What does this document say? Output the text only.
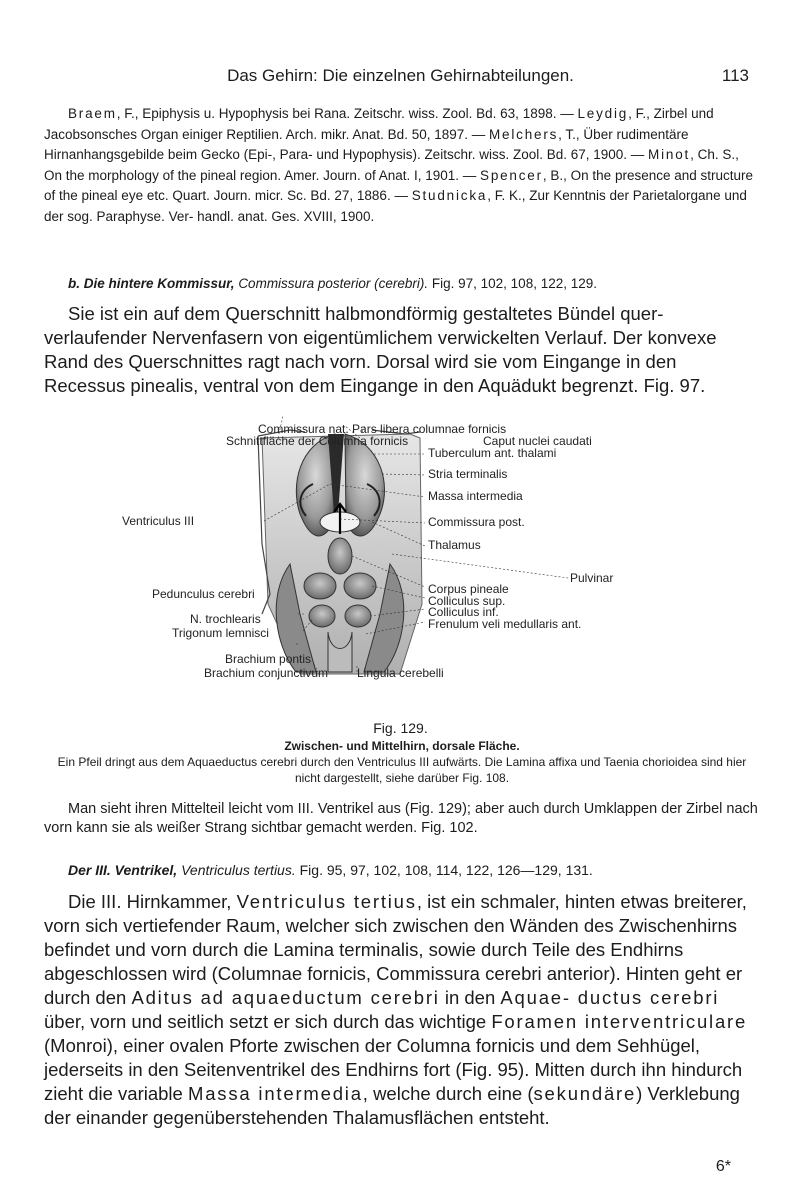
Das Gehirn: Die einzelnen Gehirnabteilungen.	113

Braem, F., Epiphysis u. Hypophysis bei Rana. Zeitschr. wiss. Zool. Bd. 63, 1898. — Leydig, F., Zirbel und Jacobsonsches Organ einiger Reptilien. Arch. mikr. Anat. Bd. 50, 1897. — Melchers, T., Über rudimentäre Hirnanhangsgebilde beim Gecko (Epi-, Para- und Hypophysis). Zeitschr. wiss. Zool. Bd. 67, 1900. — Minot, Ch. S., On the morphology of the pineal region. Amer. Journ. of Anat. I, 1901. — Spencer, B., On the presence and structure of the pineal eye etc. Quart. Journ. micr. Sc. Bd. 27, 1886. — Studnicka, F. K., Zur Kenntnis der Parietalorgane und der sog. Paraphyse. Ver- handl. anat. Ges. XVIII, 1900.

b. Die hintere Kommissur, Commissura posterior (cerebri). Fig. 97, 102, 108, 122, 129.

Sie ist ein auf dem Querschnitt halbmondförmig gestaltetes Bündel quer- verlaufender Nervenfasern von eigentümlichem verwickelten Verlauf. Der konvexe Rand des Querschnittes ragt nach vorn. Dorsal wird sie vom Eingange in den Recessus pinealis, ventral von dem Eingange in den Aquädukt begrenzt. Fig. 97.

Commissura nat. Pars libera columnae fornicis
Schnittfläche der Columna fornicis	Caput nuclei caudati
Tuberculum ant. thalami
Stria terminalis
Massa intermedia
Commissura post.
Thalamus
Pulvinar
Corpus pineale
Colliculus sup.
Colliculus inf.
Frenulum veli medullaris ant.
Ventriculus III
Pedunculus cerebri
N. trochlearis
Trigonum lemnisci
Brachium pontis
Brachium conjunctivum Lingula cerebelli
Fig. 129.
Zwischen- und Mittelhirn, dorsale Fläche.
Ein Pfeil dringt aus dem Aquaeductus cerebri durch den Ventriculus III aufwärts. Die Lamina affixa und Taenia chorioidea sind hier nicht dargestellt, siehe darüber Fig. 108.

Man sieht ihren Mittelteil leicht vom III. Ventrikel aus (Fig. 129); aber auch durch Umklappen der Zirbel nach vorn kann sie als weißer Strang sichtbar gemacht werden. Fig. 102.

Der III. Ventrikel, Ventriculus tertius. Fig. 95, 97, 102, 108, 114, 122, 126—129, 131.

Die III. Hirnkammer, Ventriculus tertius, ist ein schmaler, hinten etwas breiterer, vorn sich vertiefender Raum, welcher sich zwischen den Wänden des Zwischenhirns befindet und vorn durch die Lamina terminalis, sowie durch Teile des Endhirns abgeschlossen wird (Columnae fornicis, Commissura cerebri anterior). Hinten geht er durch den Aditus ad aquaeductum cerebri in den Aquae- ductus cerebri über, vorn und seitlich setzt er sich durch das wichtige Foramen interventriculare (Monroi), einer ovalen Pforte zwischen der Columna fornicis und dem Sehhügel, jederseits in den Seitenventrikel des Endhirns fort (Fig. 95). Mitten durch ihn hindurch zieht die variable Massa intermedia, welche durch eine (sekundäre) Verklebung der einander gegenüberstehenden Thalamusflächen entsteht.

6*
